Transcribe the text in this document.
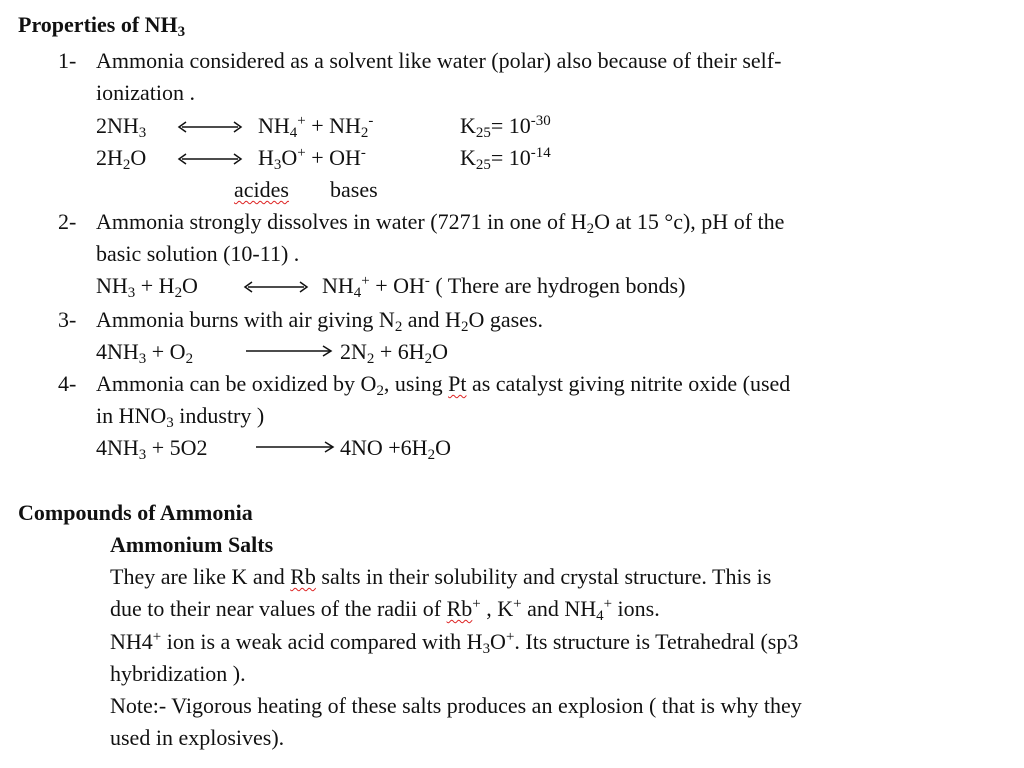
Properties of $NH_3$
1- Ammonia considered as a solvent like water (polar) also because of their self-
ionization .
$2NH_3$	$NH_4^+ + NH_2^-$	$K_{25}= 10^{-30}$
$2H_2O$	$H_3O^+ + OH^-$	$K_{25}= 10^{-14}$
acides bases
2- Ammonia strongly dissolves in water (7271 in one of $H_2O$ at 15 °c), pH of the
basic solution (10-11) .
$NH_3 + H_2O$	$NH_4^+ + OH^-$ ( There are hydrogen bonds)
3- Ammonia burns with air giving $N_2$ and $H_2O$ gases.
$4NH_3 + O_2$	$2N_2 + 6H_2O$
4- Ammonia can be oxidized by $O_2$, using Pt as catalyst giving nitrite oxide (used
in $HNO_3$ industry )
$4NH_3 + 5O2$	$4NO +6H_2O$
Compounds of Ammonia
Ammonium Salts
They are like K and Rb salts in their solubility and crystal structure. This is
due to their near values of the radii of Rb+ , K+ and $NH_4^+$ ions.
NH4+ ion is a weak acid compared with $H_3O^+$. Its structure is Tetrahedral (sp3
hybridization ).
Note:- Vigorous heating of these salts produces an explosion ( that is why they
used in explosives).
